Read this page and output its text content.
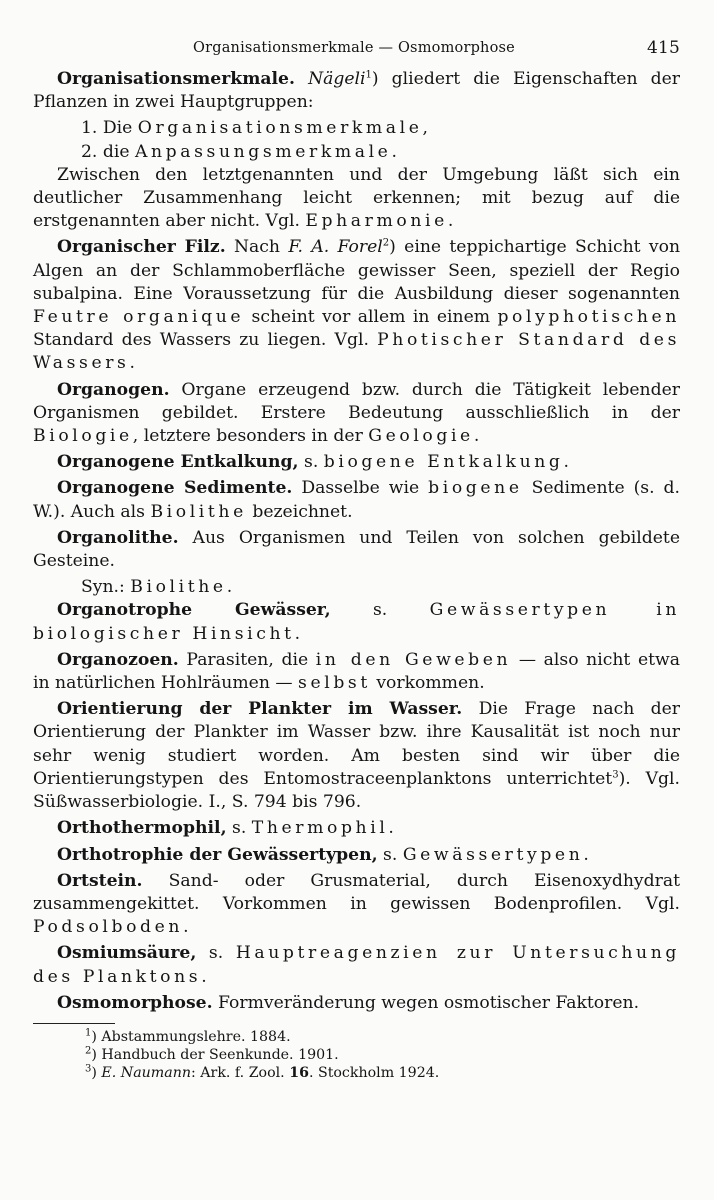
Organisationsmerkmale — Osmomorphose	415

Organisationsmerkmale. Nägeli$^1$) gliedert die Eigenschaften der Pflanzen in zwei Hauptgruppen:

1. Die Organisationsmerkmale,

2. die Anpassungsmerkmale.

Zwischen den letztgenannten und der Umgebung läßt sich ein deutlicher Zusammenhang leicht erkennen; mit bezug auf die erstgenannten aber nicht. Vgl. Epharmonie.

Organischer Filz. Nach F. A. Forel$^2$) eine teppichartige Schicht von Algen an der Schlammoberfläche gewisser Seen, speziell der Regio subalpina. Eine Voraussetzung für die Ausbildung dieser sogenannten Feutre organique scheint vor allem in einem polyphotischen Standard des Wassers zu liegen. Vgl. Photischer Standard des Wassers.

Organogen. Organe erzeugend bzw. durch die Tätigkeit lebender Organismen gebildet. Erstere Bedeutung ausschließlich in der Biologie, letztere besonders in der Geologie.

Organogene Entkalkung, s. biogene Entkalkung.

Organogene Sedimente. Dasselbe wie biogene Sedimente (s. d. W.). Auch als Biolithe bezeichnet.

Organolithe. Aus Organismen und Teilen von solchen gebildete Gesteine.

Syn.: Biolithe.

Organotrophe Gewässer, s. Gewässertypen in biologischer Hinsicht.

Organozoen. Parasiten, die in den Geweben — also nicht etwa in natürlichen Hohlräumen — selbst vorkommen.

Orientierung der Plankter im Wasser. Die Frage nach der Orientierung der Plankter im Wasser bzw. ihre Kausalität ist noch nur sehr wenig studiert worden. Am besten sind wir über die Orientierungstypen des Entomostraceenplanktons unterrichtet$^3$). Vgl. Süßwasserbiologie. I., S. 794 bis 796.

Orthothermophil, s. Thermophil.

Orthotrophie der Gewässertypen, s. Gewässertypen.

Ortstein. Sand- oder Grusmaterial, durch Eisenoxydhydrat zusammengekittet. Vorkommen in gewissen Bodenprofilen. Vgl. Podsolboden.

Osmiumsäure, s. Hauptreagenzien zur Untersuchung des Planktons.

Osmomorphose. Formveränderung wegen osmotischer Faktoren.

$^1$) Abstammungslehre. 1884.
$^2$) Handbuch der Seenkunde. 1901.
$^3$) E. Naumann: Ark. f. Zool. 16. Stockholm 1924.
